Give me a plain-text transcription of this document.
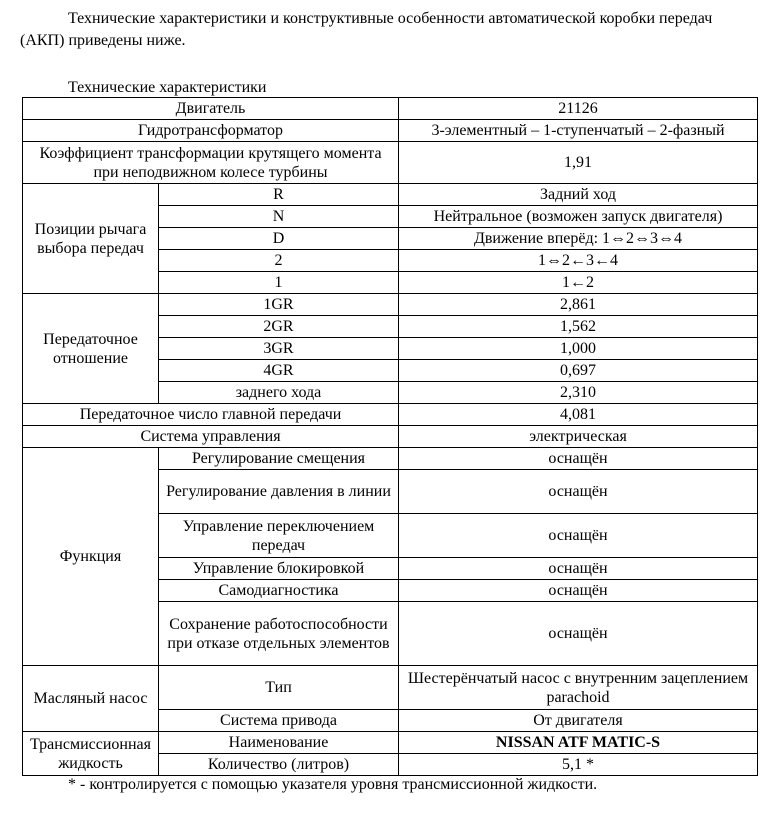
Технические характеристики и конструктивные особенности автоматической коробки передач (АКП) приведены ниже.

Технические характеристики

Двигатель		21126
Гидротрансформатор		3-элементный – 1-ступенчатый – 2-фазный
Коэффициент трансформации крутящего момента при неподвижном колесе турбины		1,91
Позиции рычага выбора передач	R	Задний ход
	N	Нейтральное (возможен запуск двигателя)
	D	Движение вперёд: 1⇔2⇔3⇔4
	2	1⇔2←3←4
	1	1←2
Передаточное отношение	1GR	2,861
	2GR	1,562
	3GR	1,000
	4GR	0,697
	заднего хода	2,310
Передаточное число главной передачи		4,081
Система управления		электрическая
Функция	Регулирование смещения	оснащён
	Регулирование давления в линии	оснащён
	Управление переключением передач	оснащён
	Управление блокировкой	оснащён
	Самодиагностика	оснащён
	Сохранение работоспособности при отказе отдельных элементов	оснащён
Масляный насос	Тип	Шестерёнчатый насос с внутренним зацеплением parachoid
	Система привода	От двигателя
Трансмиссионная жидкость	Наименование	NISSAN ATF MATIC-S
	Количество (литров)	5,1 *

* - контролируется с помощью указателя уровня трансмиссионной жидкости.
